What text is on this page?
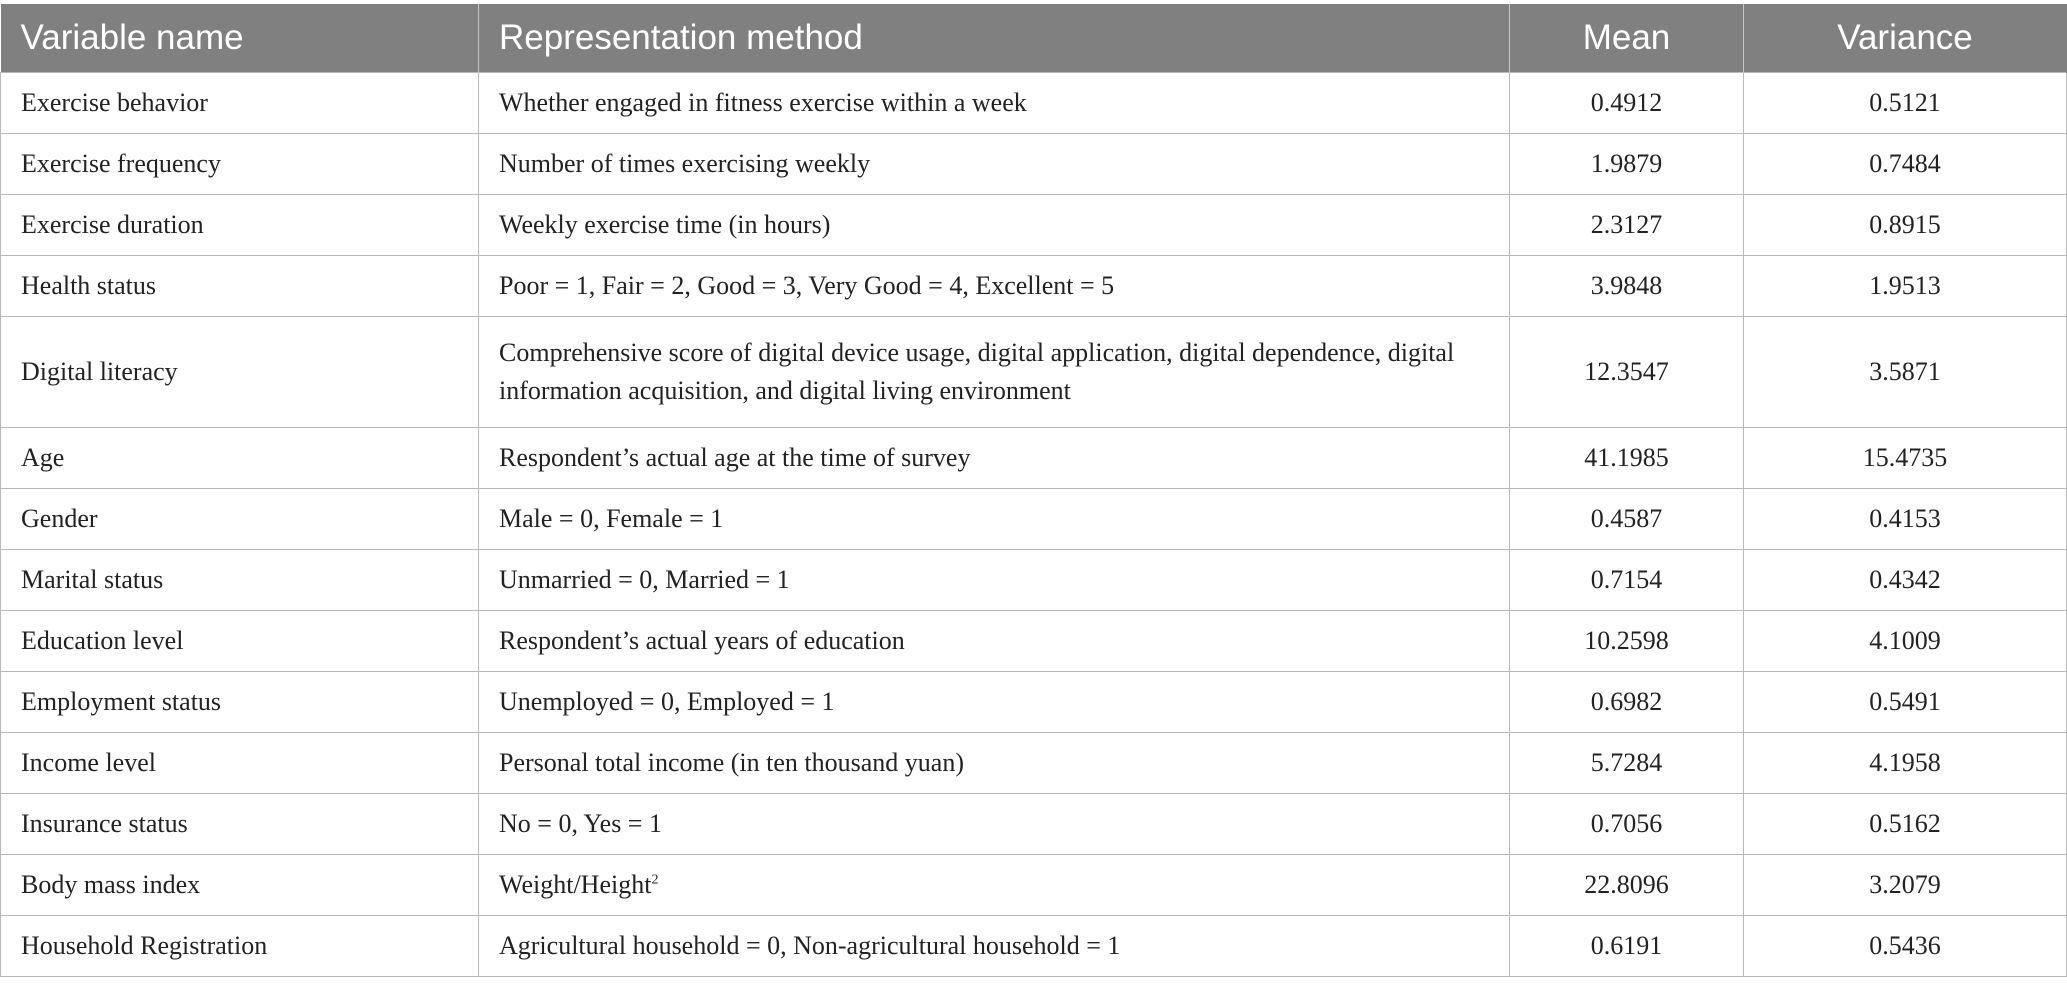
Variable name	Representation method	Mean	Variance
Exercise behavior	Whether engaged in fitness exercise within a week	0.4912	0.5121
Exercise frequency	Number of times exercising weekly	1.9879	0.7484
Exercise duration	Weekly exercise time (in hours)	2.3127	0.8915
Health status	Poor = 1, Fair = 2, Good = 3, Very Good = 4, Excellent = 5	3.9848	1.9513
Digital literacy	Comprehensive score of digital device usage, digital application, digital dependence, digital information acquisition, and digital living environment	12.3547	3.5871
Age	Respondent’s actual age at the time of survey	41.1985	15.4735
Gender	Male = 0, Female = 1	0.4587	0.4153
Marital status	Unmarried = 0, Married = 1	0.7154	0.4342
Education level	Respondent’s actual years of education	10.2598	4.1009
Employment status	Unemployed = 0, Employed = 1	0.6982	0.5491
Income level	Personal total income (in ten thousand yuan)	5.7284	4.1958
Insurance status	No = 0, Yes = 1	0.7056	0.5162
Body mass index	Weight/Height$^2$	22.8096	3.2079
Household Registration	Agricultural household = 0, Non-agricultural household = 1	0.6191	0.5436
